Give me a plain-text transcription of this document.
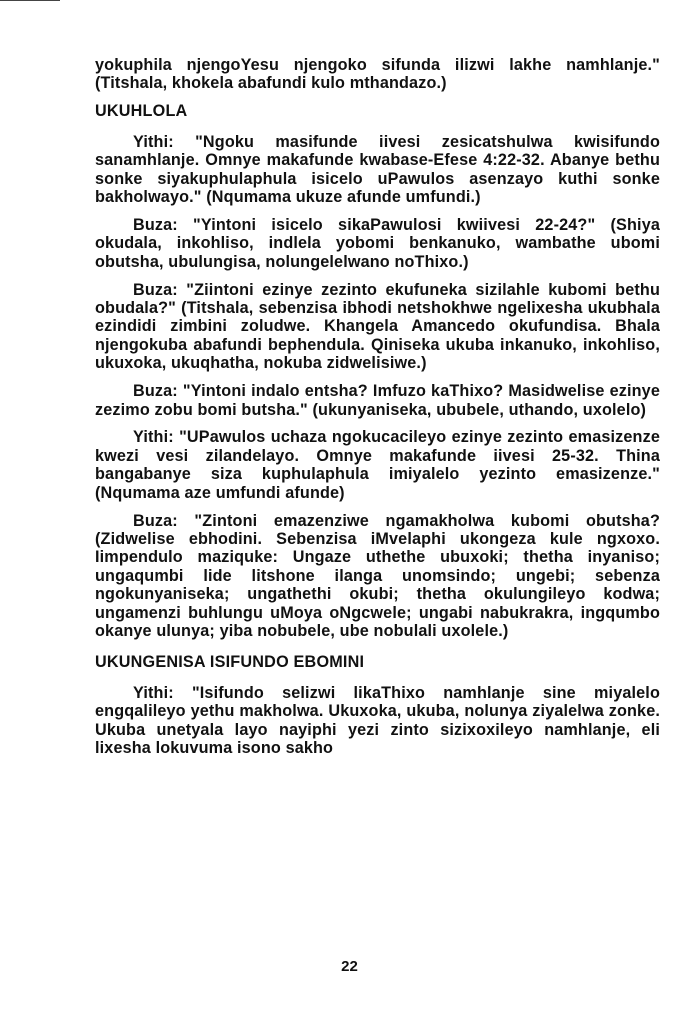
yokuphila njengoYesu njengoko sifunda ilizwi lakhe namhlanje." (Titshala, khokela abafundi kulo mthandazo.)

UKUHLOLA

Yithi: "Ngoku masifunde iivesi zesicatshulwa kwisifundo sanamhlanje. Omnye makafunde kwabase-Efese 4:22-32. Abanye bethu sonke siyakuphulaphula isicelo uPawulos asenzayo kuthi sonke bakholwayo." (Nqumama ukuze afunde umfundi.)

Buza: "Yintoni isicelo sikaPawulosi kwiivesi 22-24?" (Shiya okudala, inkohliso, indlela yobomi benkanuko, wambathe ubomi obutsha, ubulungisa, nolungelelwano noThixo.)

Buza: "Ziintoni ezinye zezinto ekufuneka sizilahle kubomi bethu obudala?" (Titshala, sebenzisa ibhodi netshokhwe ngelixesha ukubhala ezindidi zimbini zoludwe. Khangela Amancedo okufundisa. Bhala njengokuba abafundi bephendula. Qiniseka ukuba inkanuko, inkohliso, ukuxoka, ukuqhatha, nokuba zidwelisiwe.)

Buza: "Yintoni indalo entsha? Imfuzo kaThixo? Masidwelise ezinye zezimo zobu bomi butsha." (ukunyaniseka, ububele, uthando, uxolelo)

Yithi: "UPawulos uchaza ngokucacileyo ezinye zezinto emasizenze kwezi vesi zilandelayo. Omnye makafunde iivesi 25-32. Thina bangabanye siza kuphulaphula imiyalelo yezinto emasizenze." (Nqumama aze umfundi afunde)

Buza: "Zintoni emazenziwe ngamakholwa kubomi obutsha? (Zidwelise ebhodini. Sebenzisa iMvelaphi ukongeza kule ngxoxo. Iimpendulo maziquke: Ungaze uthethe ubuxoki; thetha inyaniso; ungaqumbi lide litshone ilanga unomsindo; ungebi; sebenza ngokunyaniseka; ungathethi okubi; thetha okulungileyo kodwa; ungamenzi buhlungu uMoya oNgcwele; ungabi nabukrakra, ingqumbo okanye ulunya; yiba nobubele, ube nobulali uxolele.)

UKUNGENISA ISIFUNDO EBOMINI

Yithi: "Isifundo selizwi likaThixo namhlanje sine miyalelo engqalileyo yethu makholwa. Ukuxoka, ukuba, nolunya ziyalelwa zonke. Ukuba unetyala layo nayiphi yezi zinto sizixoxileyo namhlanje, eli lixesha lokuvuma isono sakho

22
